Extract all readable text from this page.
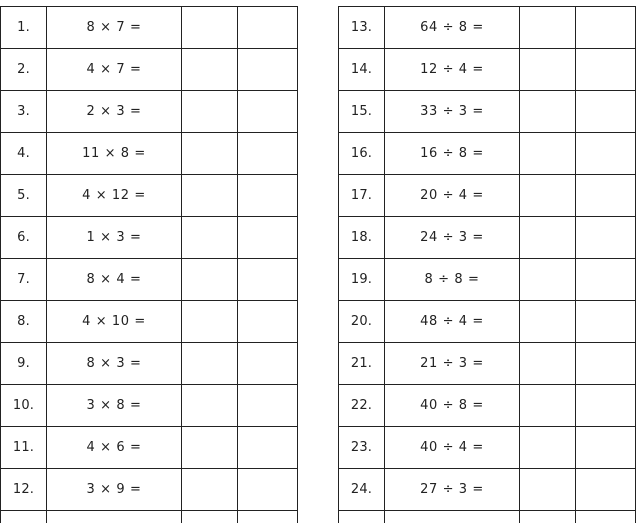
1.	8 × 7 =		
2.	4 × 7 =		
3.	2 × 3 =		
4.	11 × 8 =		
5.	4 × 12 =		
6.	1 × 3 =		
7.	8 × 4 =		
8.	4 × 10 =		
9.	8 × 3 =		
10.	3 × 8 =		
11.	4 × 6 =		
12.	3 × 9 =		

13.	64 ÷ 8 =		
14.	12 ÷ 4 =		
15.	33 ÷ 3 =		
16.	16 ÷ 8 =		
17.	20 ÷ 4 =		
18.	24 ÷ 3 =		
19.	8 ÷ 8 =		
20.	48 ÷ 4 =		
21.	21 ÷ 3 =		
22.	40 ÷ 8 =		
23.	40 ÷ 4 =		
24.	27 ÷ 3 =		
